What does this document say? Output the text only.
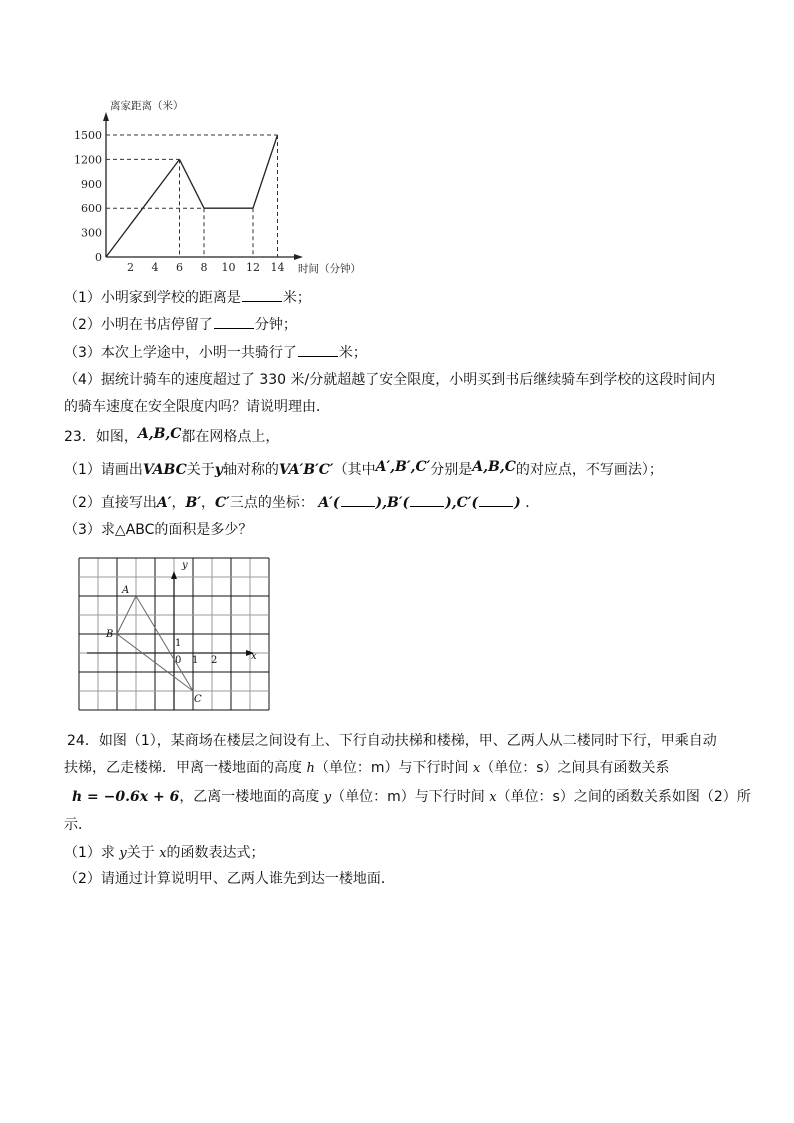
离家距离（米）
时间（分钟）
2 4 6 8 10 12 14
0
300
600
900
1200
1500
（1）小明家到学校的距离是	米；
（2）小明在书店停留了	分钟；
（3）本次上学途中，小明一共骑行了	米；
（4）据统计骑车的速度超过了 330 米/分就超越了安全限度，小明买到书后继续骑车到学校的这段时间内
的骑车速度在安全限度内吗？请说明理由．
23．如图，A,B,C都在网格点上，
（1）请画出VABC关于y轴对称的VA′B′C′（其中A′,B′,C′分别是A,B,C的对应点，不写画法）；
（2）直接写出A′，B′，C′三点的坐标： A′(	),B′(	),C′(	) ．
（3）求△ABC的面积是多少？
x
y
0 1 2
1
A
B
C
24．如图（1），某商场在楼层之间设有上、下行自动扶梯和楼梯，甲、乙两人从二楼同时下行，甲乘自动
扶梯，乙走楼梯．甲离一楼地面的高度 h（单位：m）与下行时间 x（单位：s）之间具有函数关系
h = −0.6x + 6，乙离一楼地面的高度 y（单位：m）与下行时间 x（单位：s）之间的函数关系如图（2）所
示．
（1）求 y关于 x的函数表达式；
（2）请通过计算说明甲、乙两人谁先到达一楼地面．
